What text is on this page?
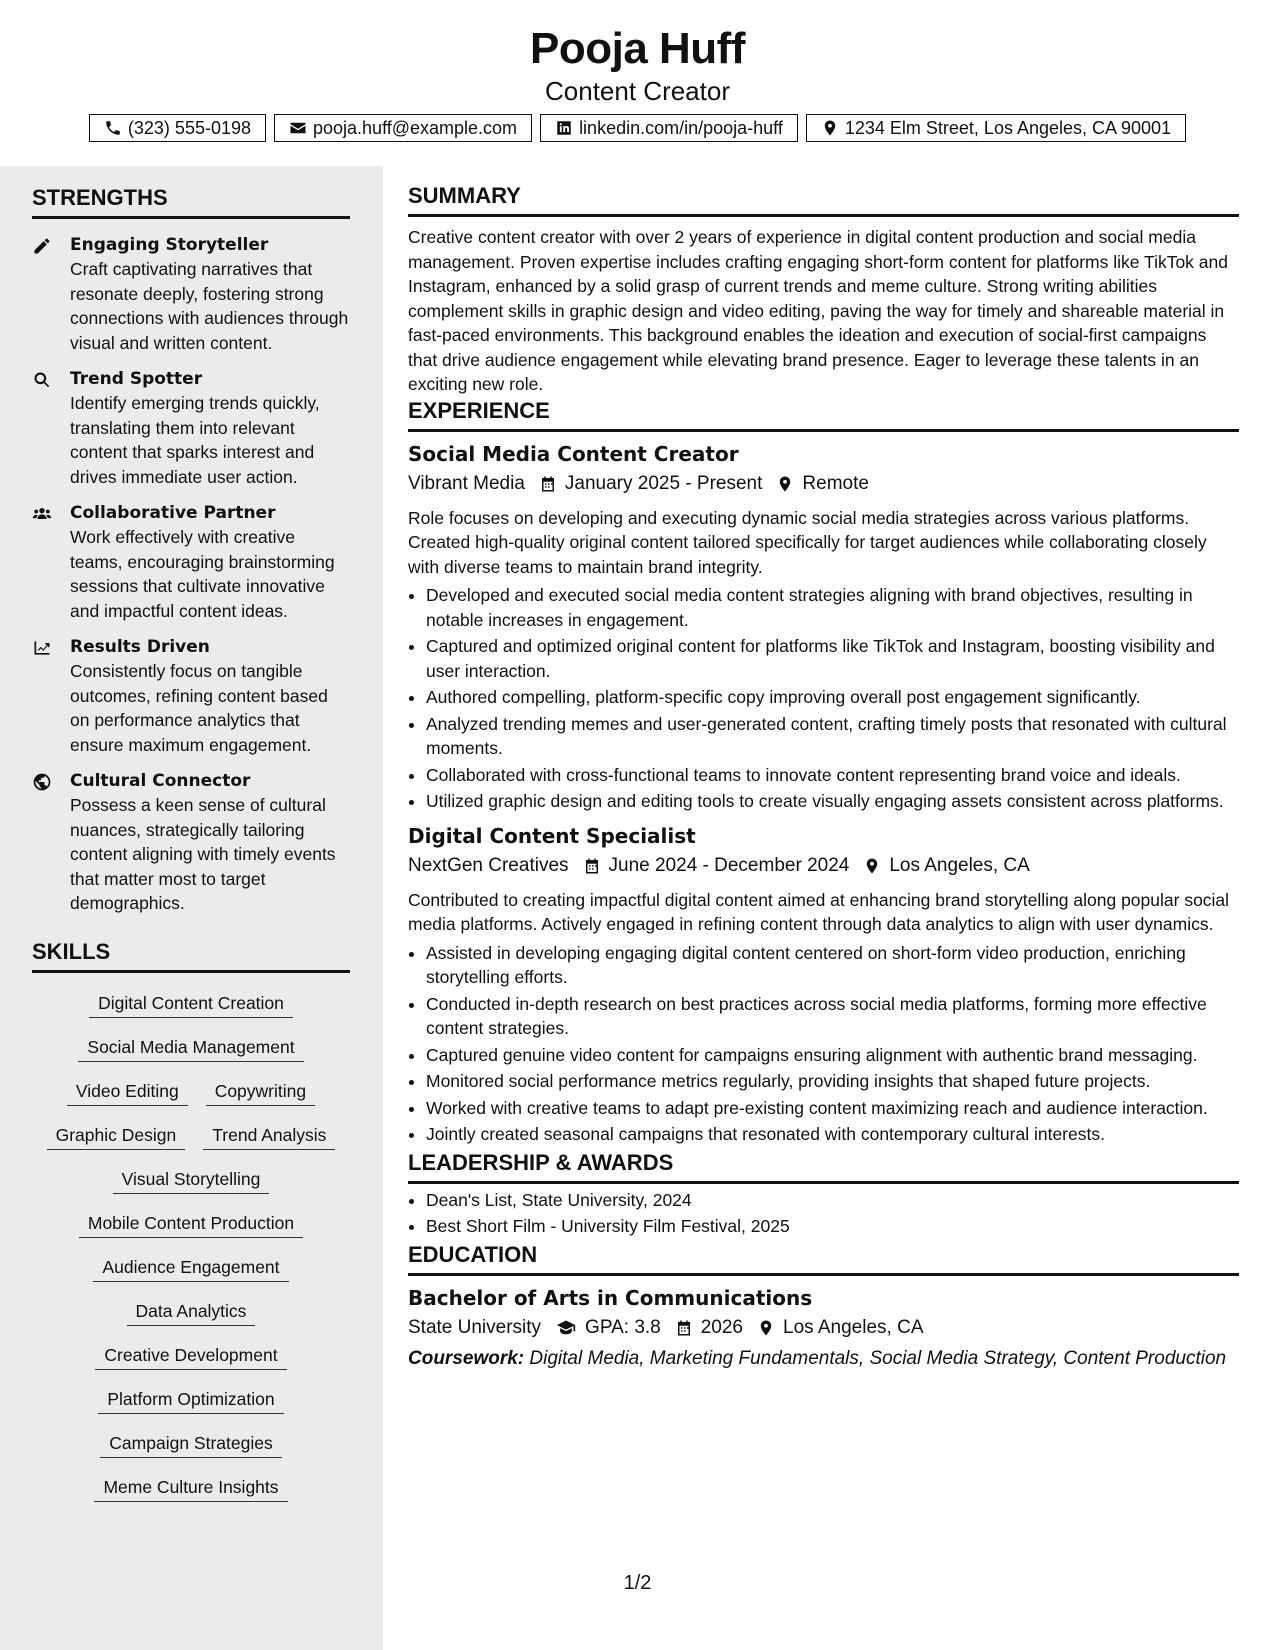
Pooja Huff
Content Creator
(323) 555-0198	pooja.huff@example.com	linkedin.com/in/pooja-huff	1234 Elm Street, Los Angeles, CA 90001
STRENGTHS
Engaging Storyteller
Craft captivating narratives that resonate deeply, fostering strong connections with audiences through visual and written content.
Trend Spotter
Identify emerging trends quickly, translating them into relevant content that sparks interest and drives immediate user action.
Collaborative Partner
Work effectively with creative teams, encouraging brainstorming sessions that cultivate innovative and impactful content ideas.
Results Driven
Consistently focus on tangible outcomes, refining content based on performance analytics that ensure maximum engagement.
Cultural Connector
Possess a keen sense of cultural nuances, strategically tailoring content aligning with timely events that matter most to target demographics.
SKILLS
Digital Content Creation
Social Media Management
Video Editing	Copywriting
Graphic Design	Trend Analysis
Visual Storytelling
Mobile Content Production
Audience Engagement
Data Analytics
Creative Development
Platform Optimization
Campaign Strategies
Meme Culture Insights
SUMMARY

Creative content creator with over 2 years of experience in digital content production and social media management. Proven expertise includes crafting engaging short-form content for platforms like TikTok and Instagram, enhanced by a solid grasp of current trends and meme culture. Strong writing abilities complement skills in graphic design and video editing, paving the way for timely and shareable material in fast-paced environments. This background enables the ideation and execution of social-first campaigns that drive audience engagement while elevating brand presence. Eager to leverage these talents in an exciting new role.

EXPERIENCE
Social Media Content Creator
Vibrant Media January 2025 - Present Remote

Role focuses on developing and executing dynamic social media strategies across various platforms. Created high-quality original content tailored specifically for target audiences while collaborating closely with diverse teams to maintain brand integrity.

• Developed and executed social media content strategies aligning with brand objectives, resulting in notable increases in engagement.
• Captured and optimized original content for platforms like TikTok and Instagram, boosting visibility and user interaction.
• Authored compelling, platform-specific copy improving overall post engagement significantly.
• Analyzed trending memes and user-generated content, crafting timely posts that resonated with cultural moments.
• Collaborated with cross-functional teams to innovate content representing brand voice and ideals.
• Utilized graphic design and editing tools to create visually engaging assets consistent across platforms.
Digital Content Specialist
NextGen Creatives June 2024 - December 2024 Los Angeles, CA

Contributed to creating impactful digital content aimed at enhancing brand storytelling along popular social media platforms. Actively engaged in refining content through data analytics to align with user dynamics.

• Assisted in developing engaging digital content centered on short-form video production, enriching storytelling efforts.
• Conducted in-depth research on best practices across social media platforms, forming more effective content strategies.
• Captured genuine video content for campaigns ensuring alignment with authentic brand messaging.
• Monitored social performance metrics regularly, providing insights that shaped future projects.
• Worked with creative teams to adapt pre-existing content maximizing reach and audience interaction.
• Jointly created seasonal campaigns that resonated with contemporary cultural interests.
LEADERSHIP & AWARDS
• Dean's List, State University, 2024
• Best Short Film - University Film Festival, 2025
EDUCATION
Bachelor of Arts in Communications
State University GPA: 3.8 2026 Los Angeles, CA
Coursework: Digital Media, Marketing Fundamentals, Social Media Strategy, Content Production
1/2
